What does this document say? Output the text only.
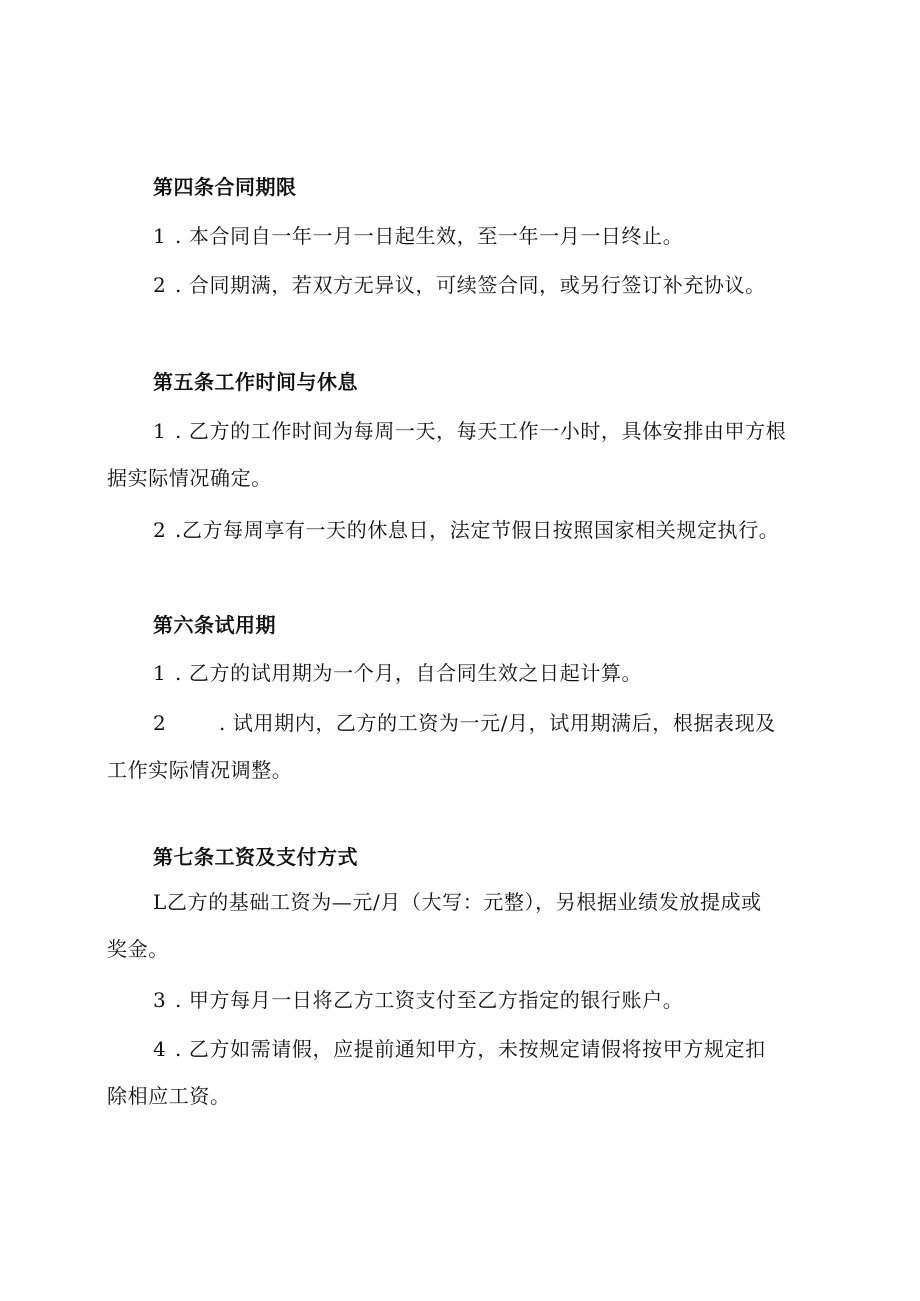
第四条合同期限
1 . 本合同自一年一月一日起生效，至一年一月一日终止。
2 . 合同期满，若双方无异议，可续签合同，或另行签订补充协议。
第五条工作时间与休息
1 . 乙方的工作时间为每周一天，每天工作一小时，具体安排由甲方根
据实际情况确定。
2 .乙方每周享有一天的休息日，法定节假日按照国家相关规定执行。
第六条试用期
1 . 乙方的试用期为一个月，自合同生效之日起计算。
2	. 试用期内，乙方的工资为一元/月，试用期满后，根据表现及
工作实际情况调整。
第七条工资及支付方式
L乙方的基础工资为—元/月（大写：元整），另根据业绩发放提成或
奖金。
3 . 甲方每月一日将乙方工资支付至乙方指定的银行账户。
4 . 乙方如需请假，应提前通知甲方，未按规定请假将按甲方规定扣
除相应工资。
